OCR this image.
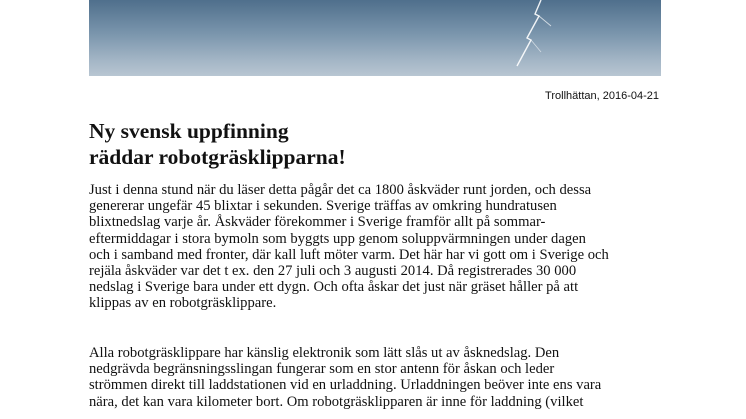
Trollhättan, 2016-04-21
Ny svensk uppfinning
räddar robotgräsklipparna!
Just i denna stund när du läser detta pågår det ca 1800 åskväder runt jorden, och dessa
genererar ungefär 45 blixtar i sekunden. Sverige träffas av omkring hundratusen
blixtnedslag varje år. Åskväder förekommer i Sverige framför allt på sommar-
eftermiddagar i stora bymoln som byggts upp genom soluppvärmningen under dagen
och i samband med fronter, där kall luft möter varm. Det här har vi gott om i Sverige och
rejäla åskväder var det t ex. den 27 juli och 3 augusti 2014. Då registrerades 30 000
nedslag i Sverige bara under ett dygn. Och ofta åskar det just när gräset håller på att
klippas av en robotgräsklippare.
Alla robotgräsklippare har känslig elektronik som lätt slås ut av åsknedslag. Den
nedgrävda begränsningsslingan fungerar som en stor antenn för åskan och leder
strömmen direkt till laddstationen vid en urladdning. Urladdningen beöver inte ens vara
nära, det kan vara kilometer bort. Om robotgräsklipparen är inne för laddning (vilket
